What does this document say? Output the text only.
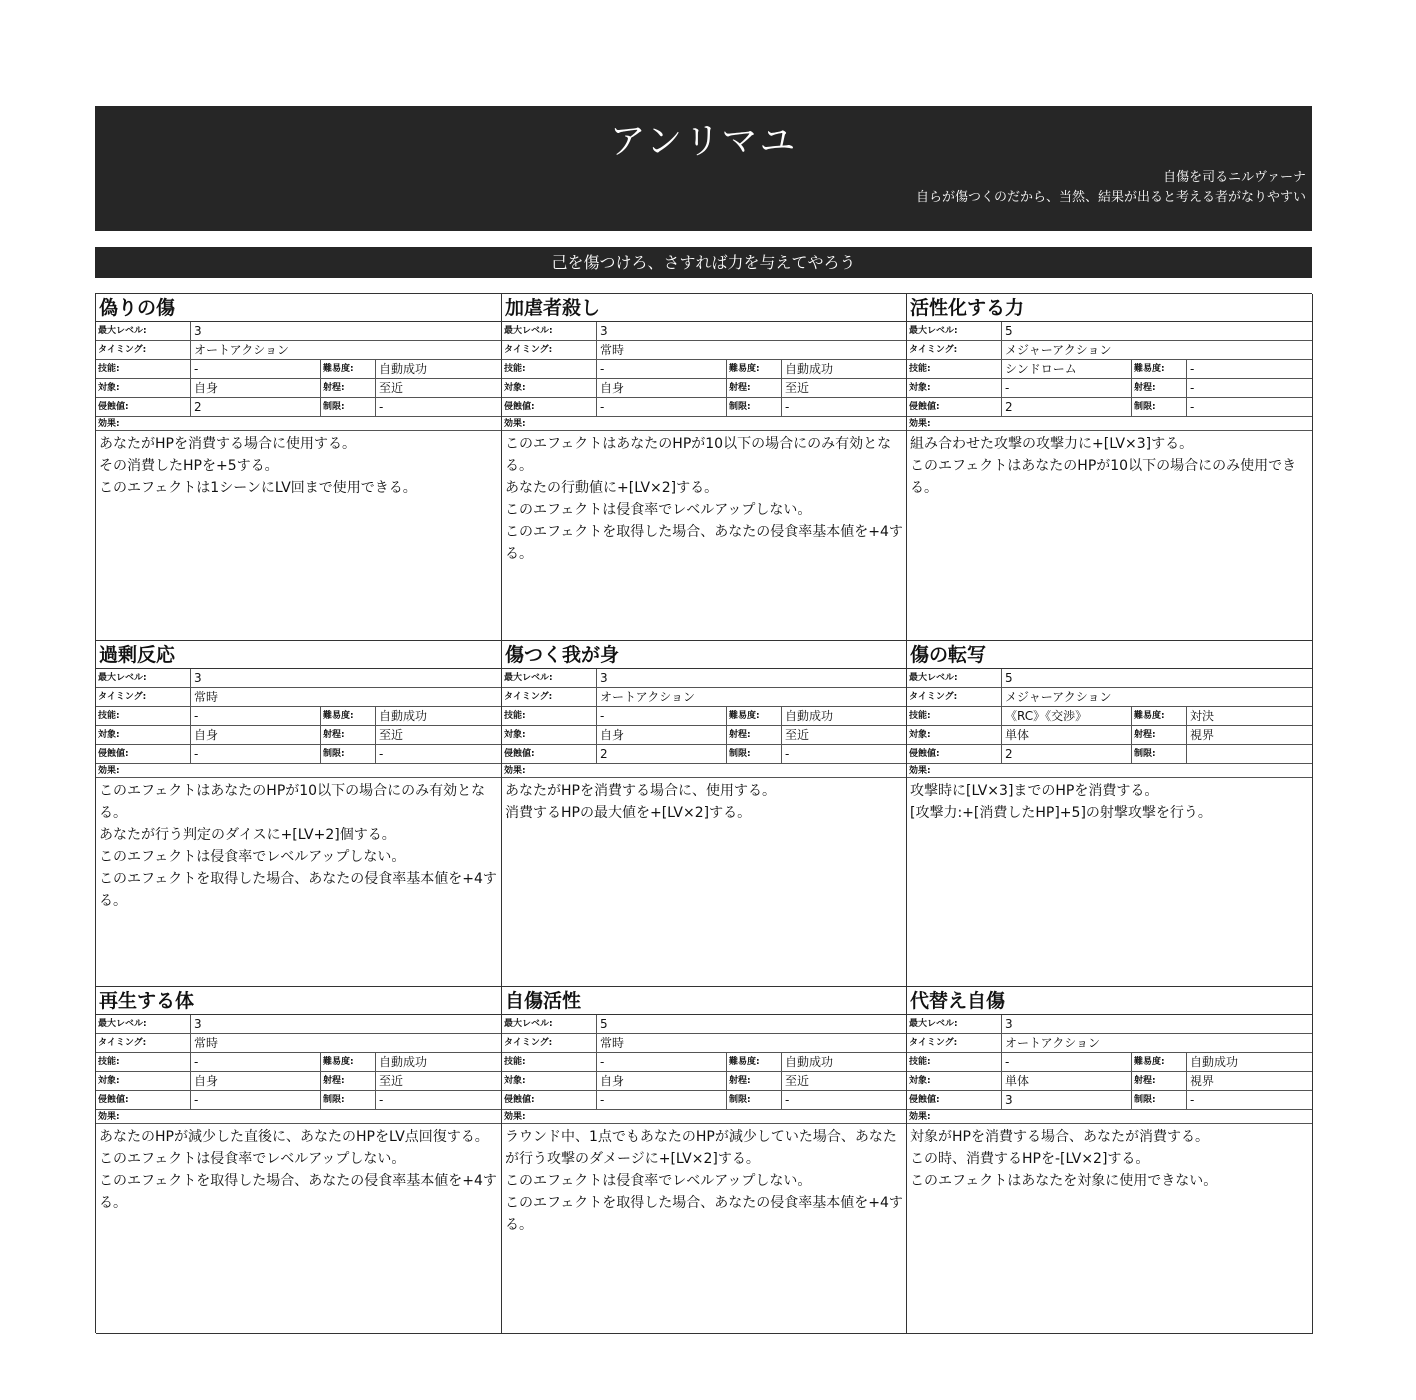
アンリマユ
自傷を司るニルヴァーナ
自らが傷つくのだから、当然、結果が出ると考える者がなりやすい
己を傷つけろ、さすれば力を与えてやろう
偽りの傷
最大レベル:	3
タイミング:	オートアクション
技能:	-	難易度:	自動成功
対象:	自身	射程:	至近
侵蝕値:	2	制限:	-
効果:
あなたがHPを消費する場合に使用する。
その消費したHPを+5する。
このエフェクトは1シーンにLV回まで使用できる。
加虐者殺し
最大レベル:	3
タイミング:	常時
技能:	-	難易度:	自動成功
対象:	自身	射程:	至近
侵蝕値:	-	制限:	-
効果:
このエフェクトはあなたのHPが10以下の場合にのみ有効となる。
あなたの行動値に+[LV×2]する。
このエフェクトは侵食率でレベルアップしない。
このエフェクトを取得した場合、あなたの侵食率基本値を+4する。
活性化する力
最大レベル:	5
タイミング:	メジャーアクション
技能:	シンドローム	難易度:	-
対象:	-	射程:	-
侵蝕値:	2	制限:	-
効果:
組み合わせた攻撃の攻撃力に+[LV×3]する。
このエフェクトはあなたのHPが10以下の場合にのみ使用できる。
過剰反応
最大レベル:	3
タイミング:	常時
技能:	-	難易度:	自動成功
対象:	自身	射程:	至近
侵蝕値:	-	制限:	-
効果:
このエフェクトはあなたのHPが10以下の場合にのみ有効となる。
あなたが行う判定のダイスに+[LV+2]個する。
このエフェクトは侵食率でレベルアップしない。
このエフェクトを取得した場合、あなたの侵食率基本値を+4する。
傷つく我が身
最大レベル:	3
タイミング:	オートアクション
技能:	-	難易度:	自動成功
対象:	自身	射程:	至近
侵蝕値:	2	制限:	-
効果:
あなたがHPを消費する場合に、使用する。
消費するHPの最大値を+[LV×2]する。
傷の転写
最大レベル:	5
タイミング:	メジャーアクション
技能:	《RC》《交渉》	難易度:	対決
対象:	単体	射程:	視界
侵蝕値:	2	制限:
効果:
攻撃時に[LV×3]までのHPを消費する。
[攻撃力:+[消費したHP]+5]の射撃攻撃を行う。
再生する体
最大レベル:	3
タイミング:	常時
技能:	-	難易度:	自動成功
対象:	自身	射程:	至近
侵蝕値:	-	制限:	-
効果:
あなたのHPが減少した直後に、あなたのHPをLV点回復する。
このエフェクトは侵食率でレベルアップしない。
このエフェクトを取得した場合、あなたの侵食率基本値を+4する。
自傷活性
最大レベル:	5
タイミング:	常時
技能:	-	難易度:	自動成功
対象:	自身	射程:	至近
侵蝕値:	-	制限:	-
効果:
ラウンド中、1点でもあなたのHPが減少していた場合、あなたが行う攻撃のダメージに+[LV×2]する。
このエフェクトは侵食率でレベルアップしない。
このエフェクトを取得した場合、あなたの侵食率基本値を+4する。
代替え自傷
最大レベル:	3
タイミング:	オートアクション
技能:	-	難易度:	自動成功
対象:	単体	射程:	視界
侵蝕値:	3	制限:	-
効果:
対象がHPを消費する場合、あなたが消費する。
この時、消費するHPを-[LV×2]する。
このエフェクトはあなたを対象に使用できない。
